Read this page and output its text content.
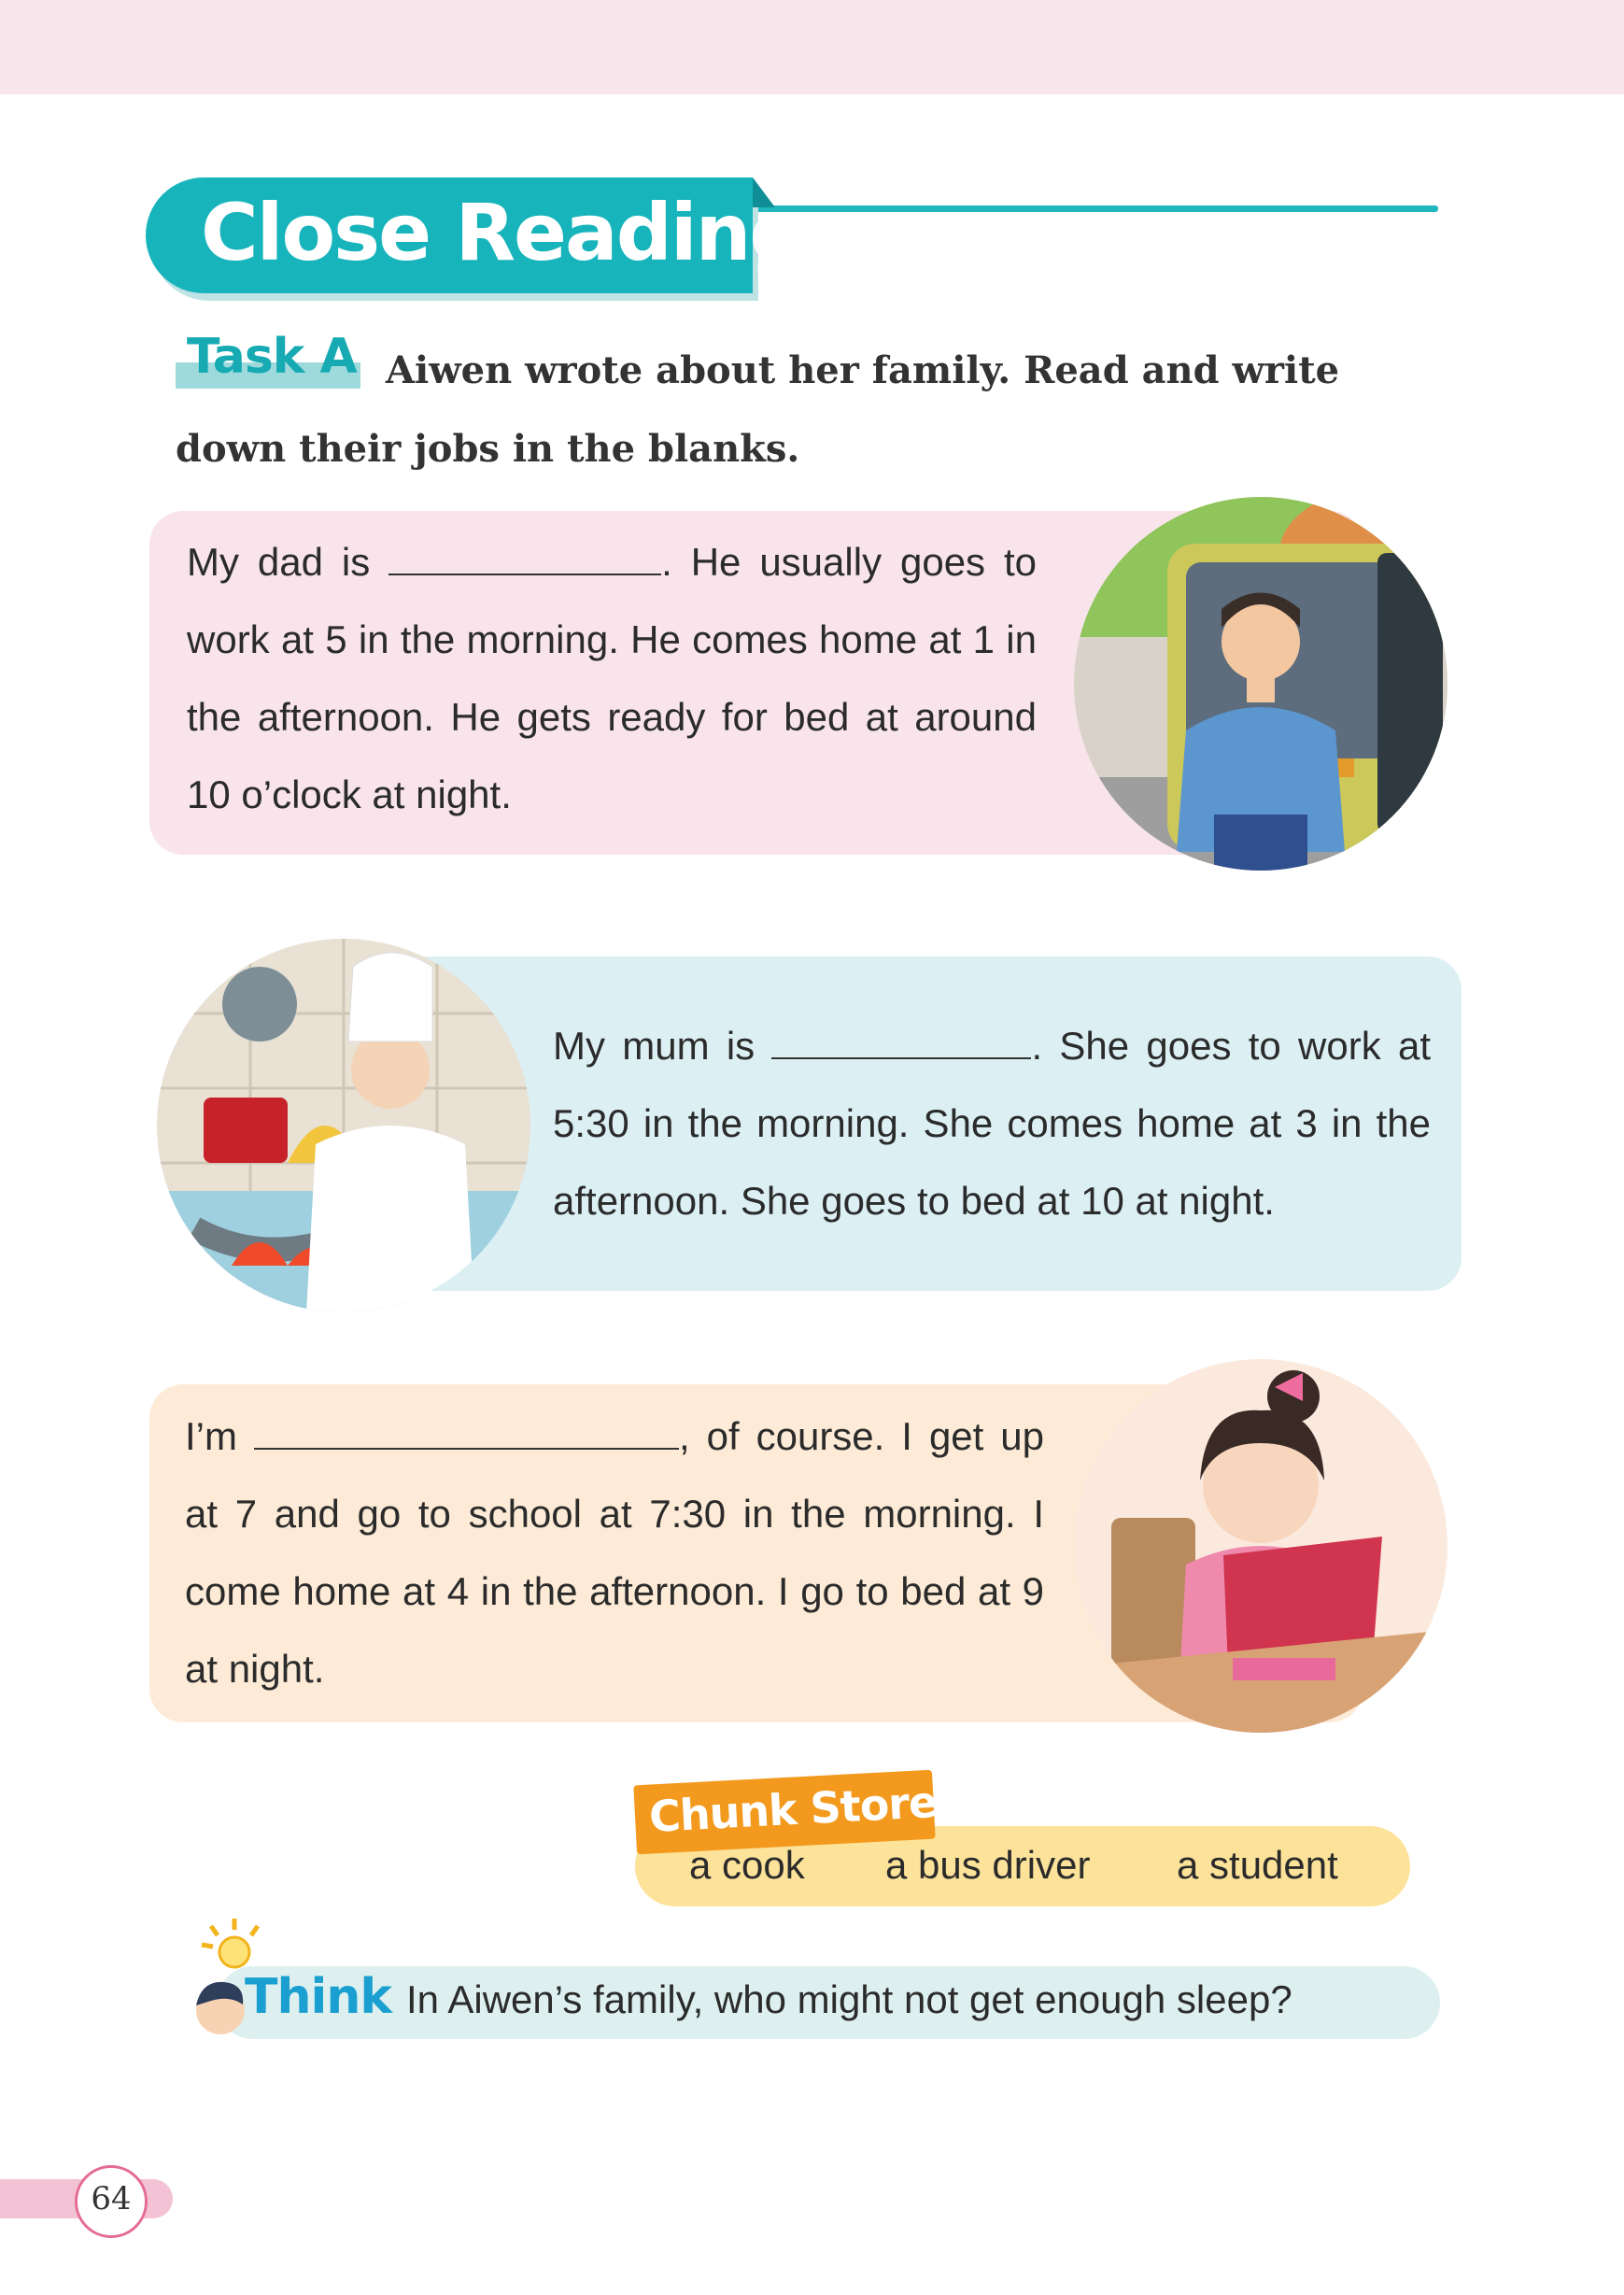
Close Reading
Aiwen wrote about her family. Read and write down their jobs in the blanks.
Task A
My dad is	. He usually goes to work at 5 in the morning. He comes home at 1 in the afternoon. He gets ready for bed at around 10 o’clock at night.
My mum is	. She goes to work at 5:30 in the morning. She comes home at 3 in the afternoon. She goes to bed at 10 at night.
I’m	, of course. I get up at 7 and go to school at 7:30 in the morning. I come home at 4 in the afternoon. I go to bed at 9 at night.
Chunk Store
a cook a bus driver a student
Think In Aiwen’s family, who might not get enough sleep?
64
